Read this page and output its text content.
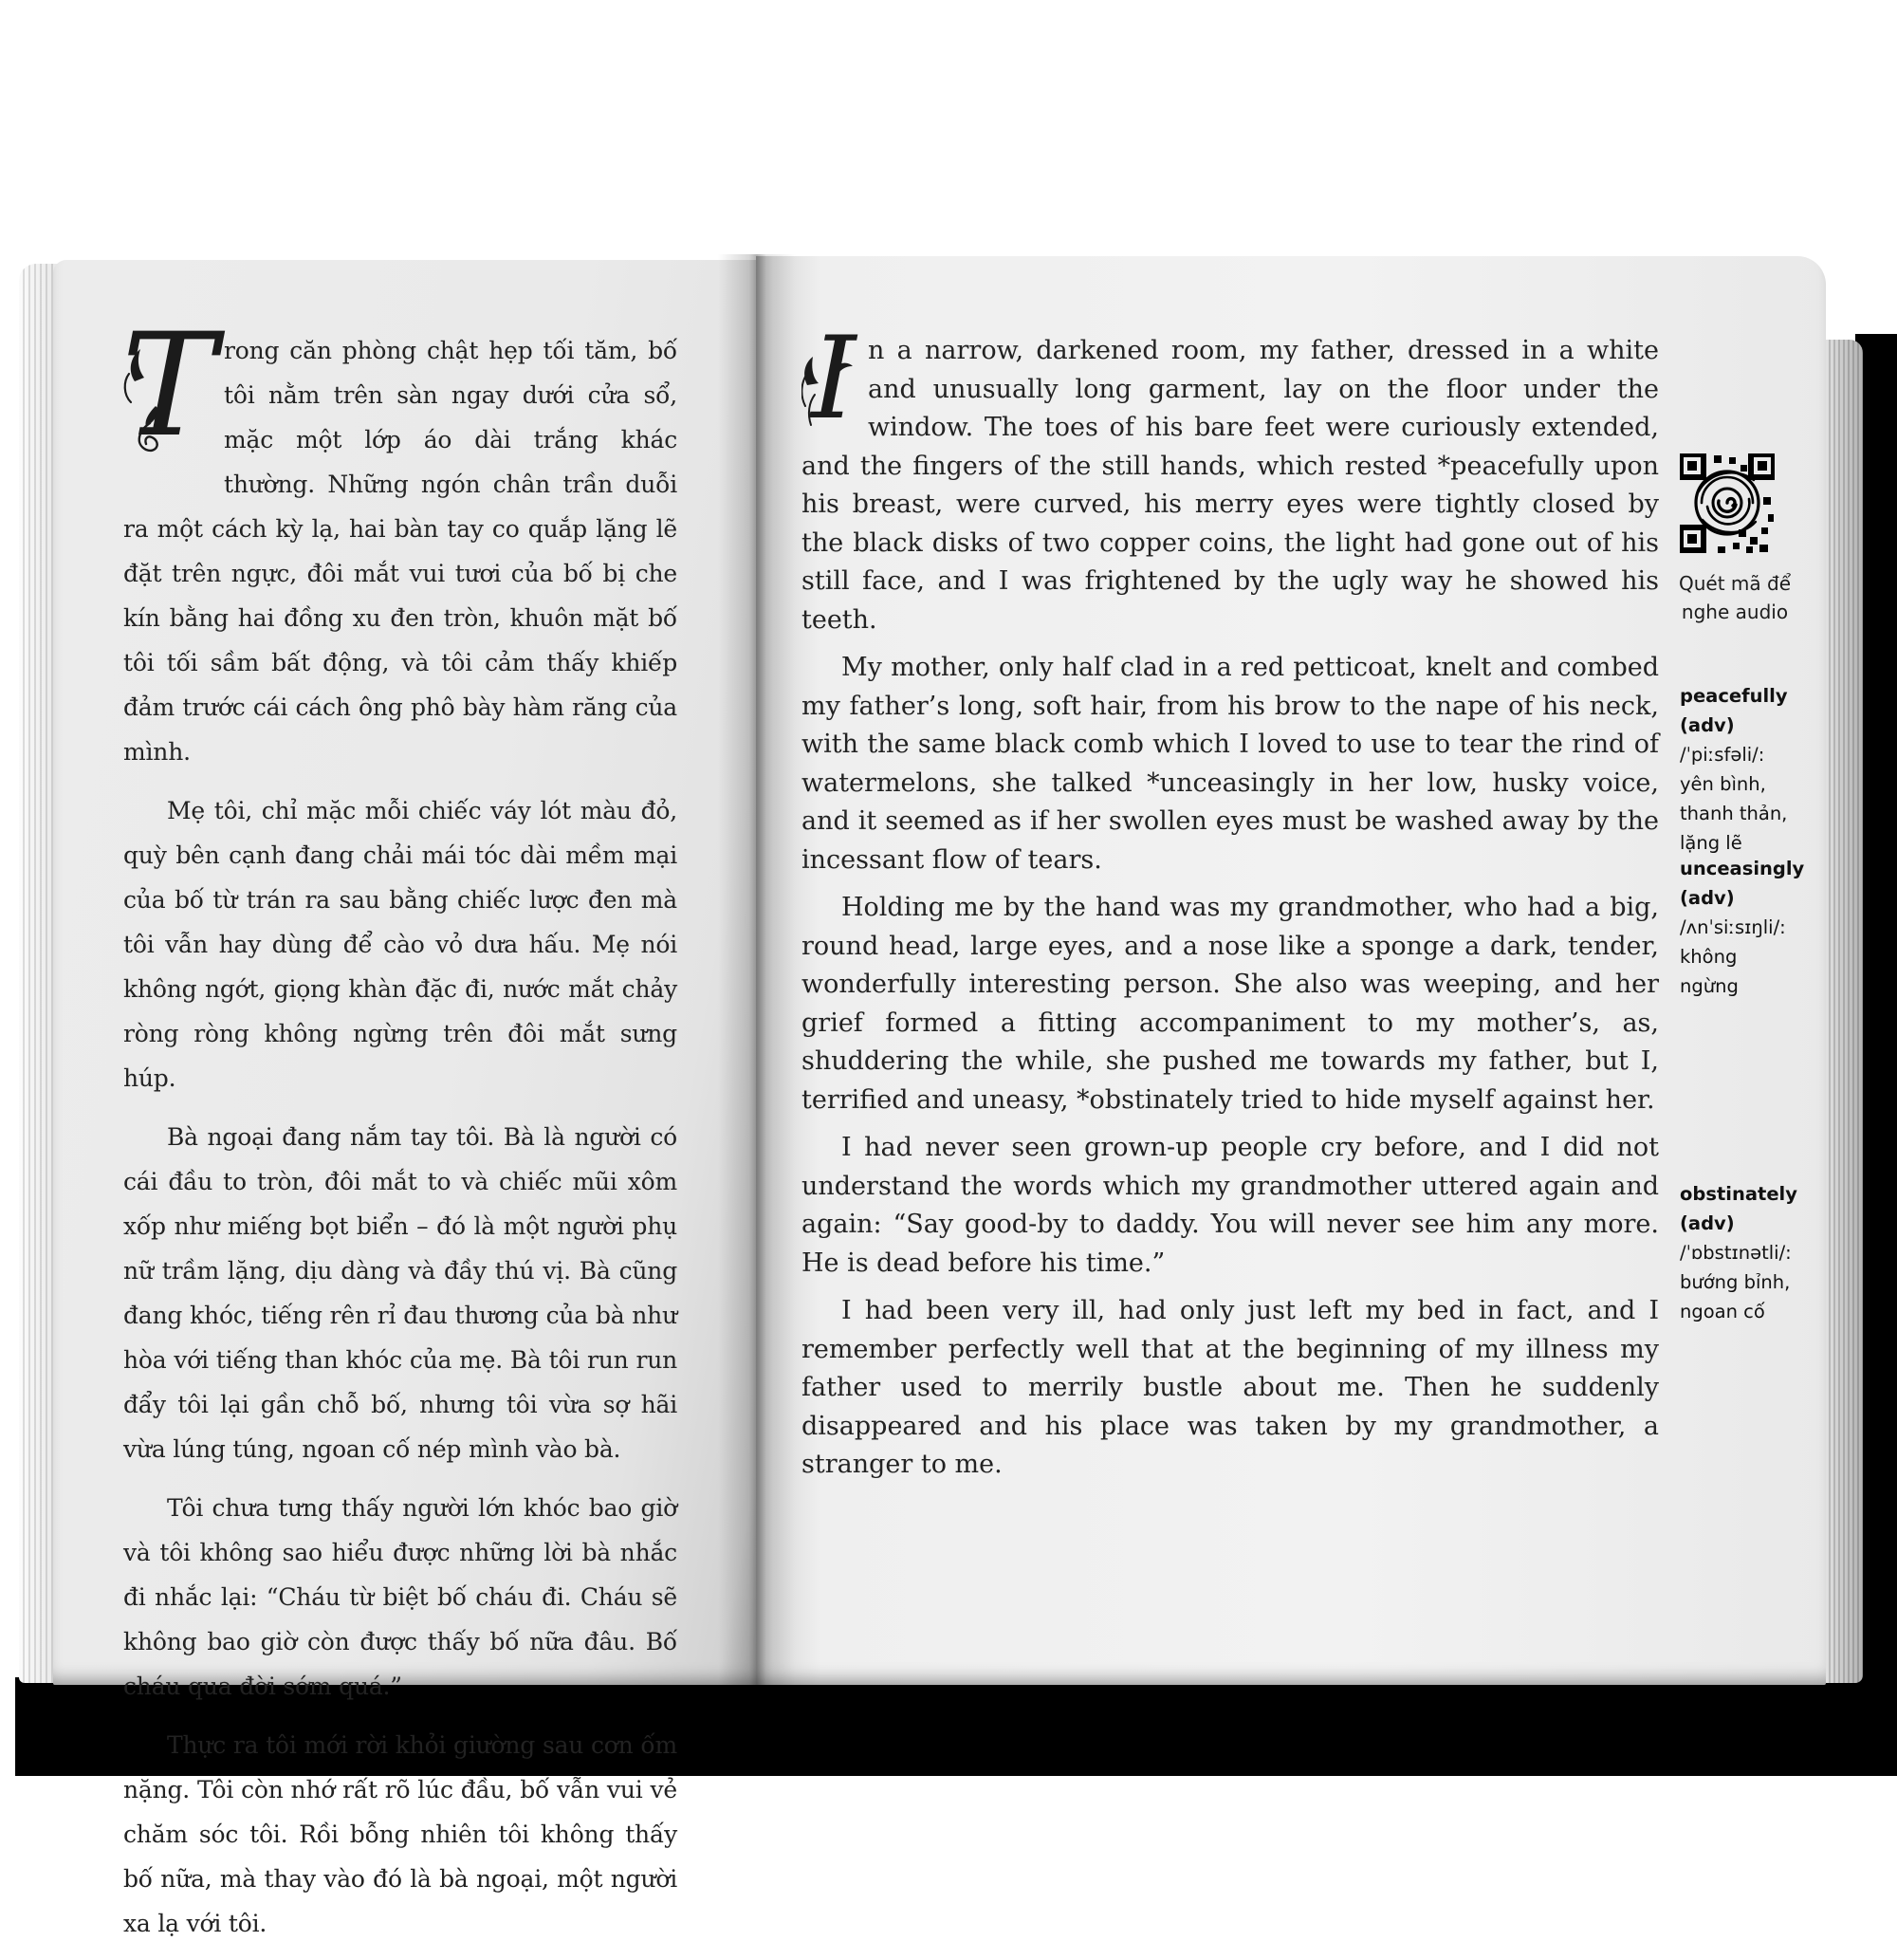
T rong căn phòng chật hẹp tối tăm, bố tôi nằm trên sàn ngay dưới cửa sổ, mặc một lớp áo dài trắng khác thường. Những ngón chân trần duỗi ra một cách kỳ lạ, hai bàn tay co quắp lặng lẽ đặt trên ngực, đôi mắt vui tươi của bố bị che kín bằng hai đồng xu đen tròn, khuôn mặt bố tôi tối sầm bất động, và tôi cảm thấy khiếp đảm trước cái cách ông phô bày hàm răng của mình.

Mẹ tôi, chỉ mặc mỗi chiếc váy lót màu đỏ, quỳ bên cạnh đang chải mái tóc dài mềm mại của bố từ trán ra sau bằng chiếc lược đen mà tôi vẫn hay dùng để cào vỏ dưa hấu. Mẹ nói không ngớt, giọng khàn đặc đi, nước mắt chảy ròng ròng không ngừng trên đôi mắt sưng húp.

Bà ngoại đang nắm tay tôi. Bà là người có cái đầu to tròn, đôi mắt to và chiếc mũi xôm xốp như miếng bọt biển – đó là một người phụ nữ trầm lặng, dịu dàng và đầy thú vị. Bà cũng đang khóc, tiếng rên rỉ đau thương của bà như hòa với tiếng than khóc của mẹ. Bà tôi run run đẩy tôi lại gần chỗ bố, nhưng tôi vừa sợ hãi vừa lúng túng, ngoan cố nép mình vào bà.

Tôi chưa tưng thấy người lớn khóc bao giờ và tôi không sao hiểu được những lời bà nhắc đi nhắc lại: “Cháu từ biệt bố cháu đi. Cháu sẽ không bao giờ còn được thấy bố nữa đâu. Bố cháu qua đời sớm quá.”

Thực ra tôi mới rời khỏi giường sau cơn ốm nặng. Tôi còn nhớ rất rõ lúc đầu, bố vẫn vui vẻ chăm sóc tôi. Rồi bỗng nhiên tôi không thấy bố nữa, mà thay vào đó là bà ngoại, một người xa lạ với tôi.

I n a narrow, darkened room, my father, dressed in a white and unusually long garment, lay on the floor under the window. The toes of his bare feet were curiously extended, and the fingers of the still hands, which rested *peacefully upon his breast, were curved, his merry eyes were tightly closed by the black disks of two copper coins, the light had gone out of his still face, and I was frightened by the ugly way he showed his teeth.

My mother, only half clad in a red petticoat, knelt and combed my father’s long, soft hair, from his brow to the nape of his neck, with the same black comb which I loved to use to tear the rind of watermelons, she talked *unceasingly in her low, husky voice, and it seemed as if her swollen eyes must be washed away by the incessant flow of tears.

Holding me by the hand was my grandmother, who had a big, round head, large eyes, and a nose like a sponge a dark, tender, wonderfully interesting person. She also was weeping, and her grief formed a fitting accompaniment to my mother’s, as, shuddering the while, she pushed me towards my father, but I, terrified and uneasy, *obstinately tried to hide myself against her.

I had never seen grown-up people cry before, and I did not understand the words which my grandmother uttered again and again: “Say good-by to daddy. You will never see him any more. He is dead before his time.”

I had been very ill, had only just left my bed in fact, and I remember perfectly well that at the beginning of my illness my father used to merrily bustle about me. Then he suddenly disappeared and his place was taken by my grandmother, a stranger to me.

Quét mã để
nghe audio
peacefully
(adv)
/ˈpiːsfəli/:
yên bình, thanh thản, lặng lẽ
unceasingly
(adv)
/ʌnˈsiːsɪŋli/:
không ngừng
obstinately
(adv)
/ˈɒbstɪnətli/:
bướng bỉnh, ngoan cố
